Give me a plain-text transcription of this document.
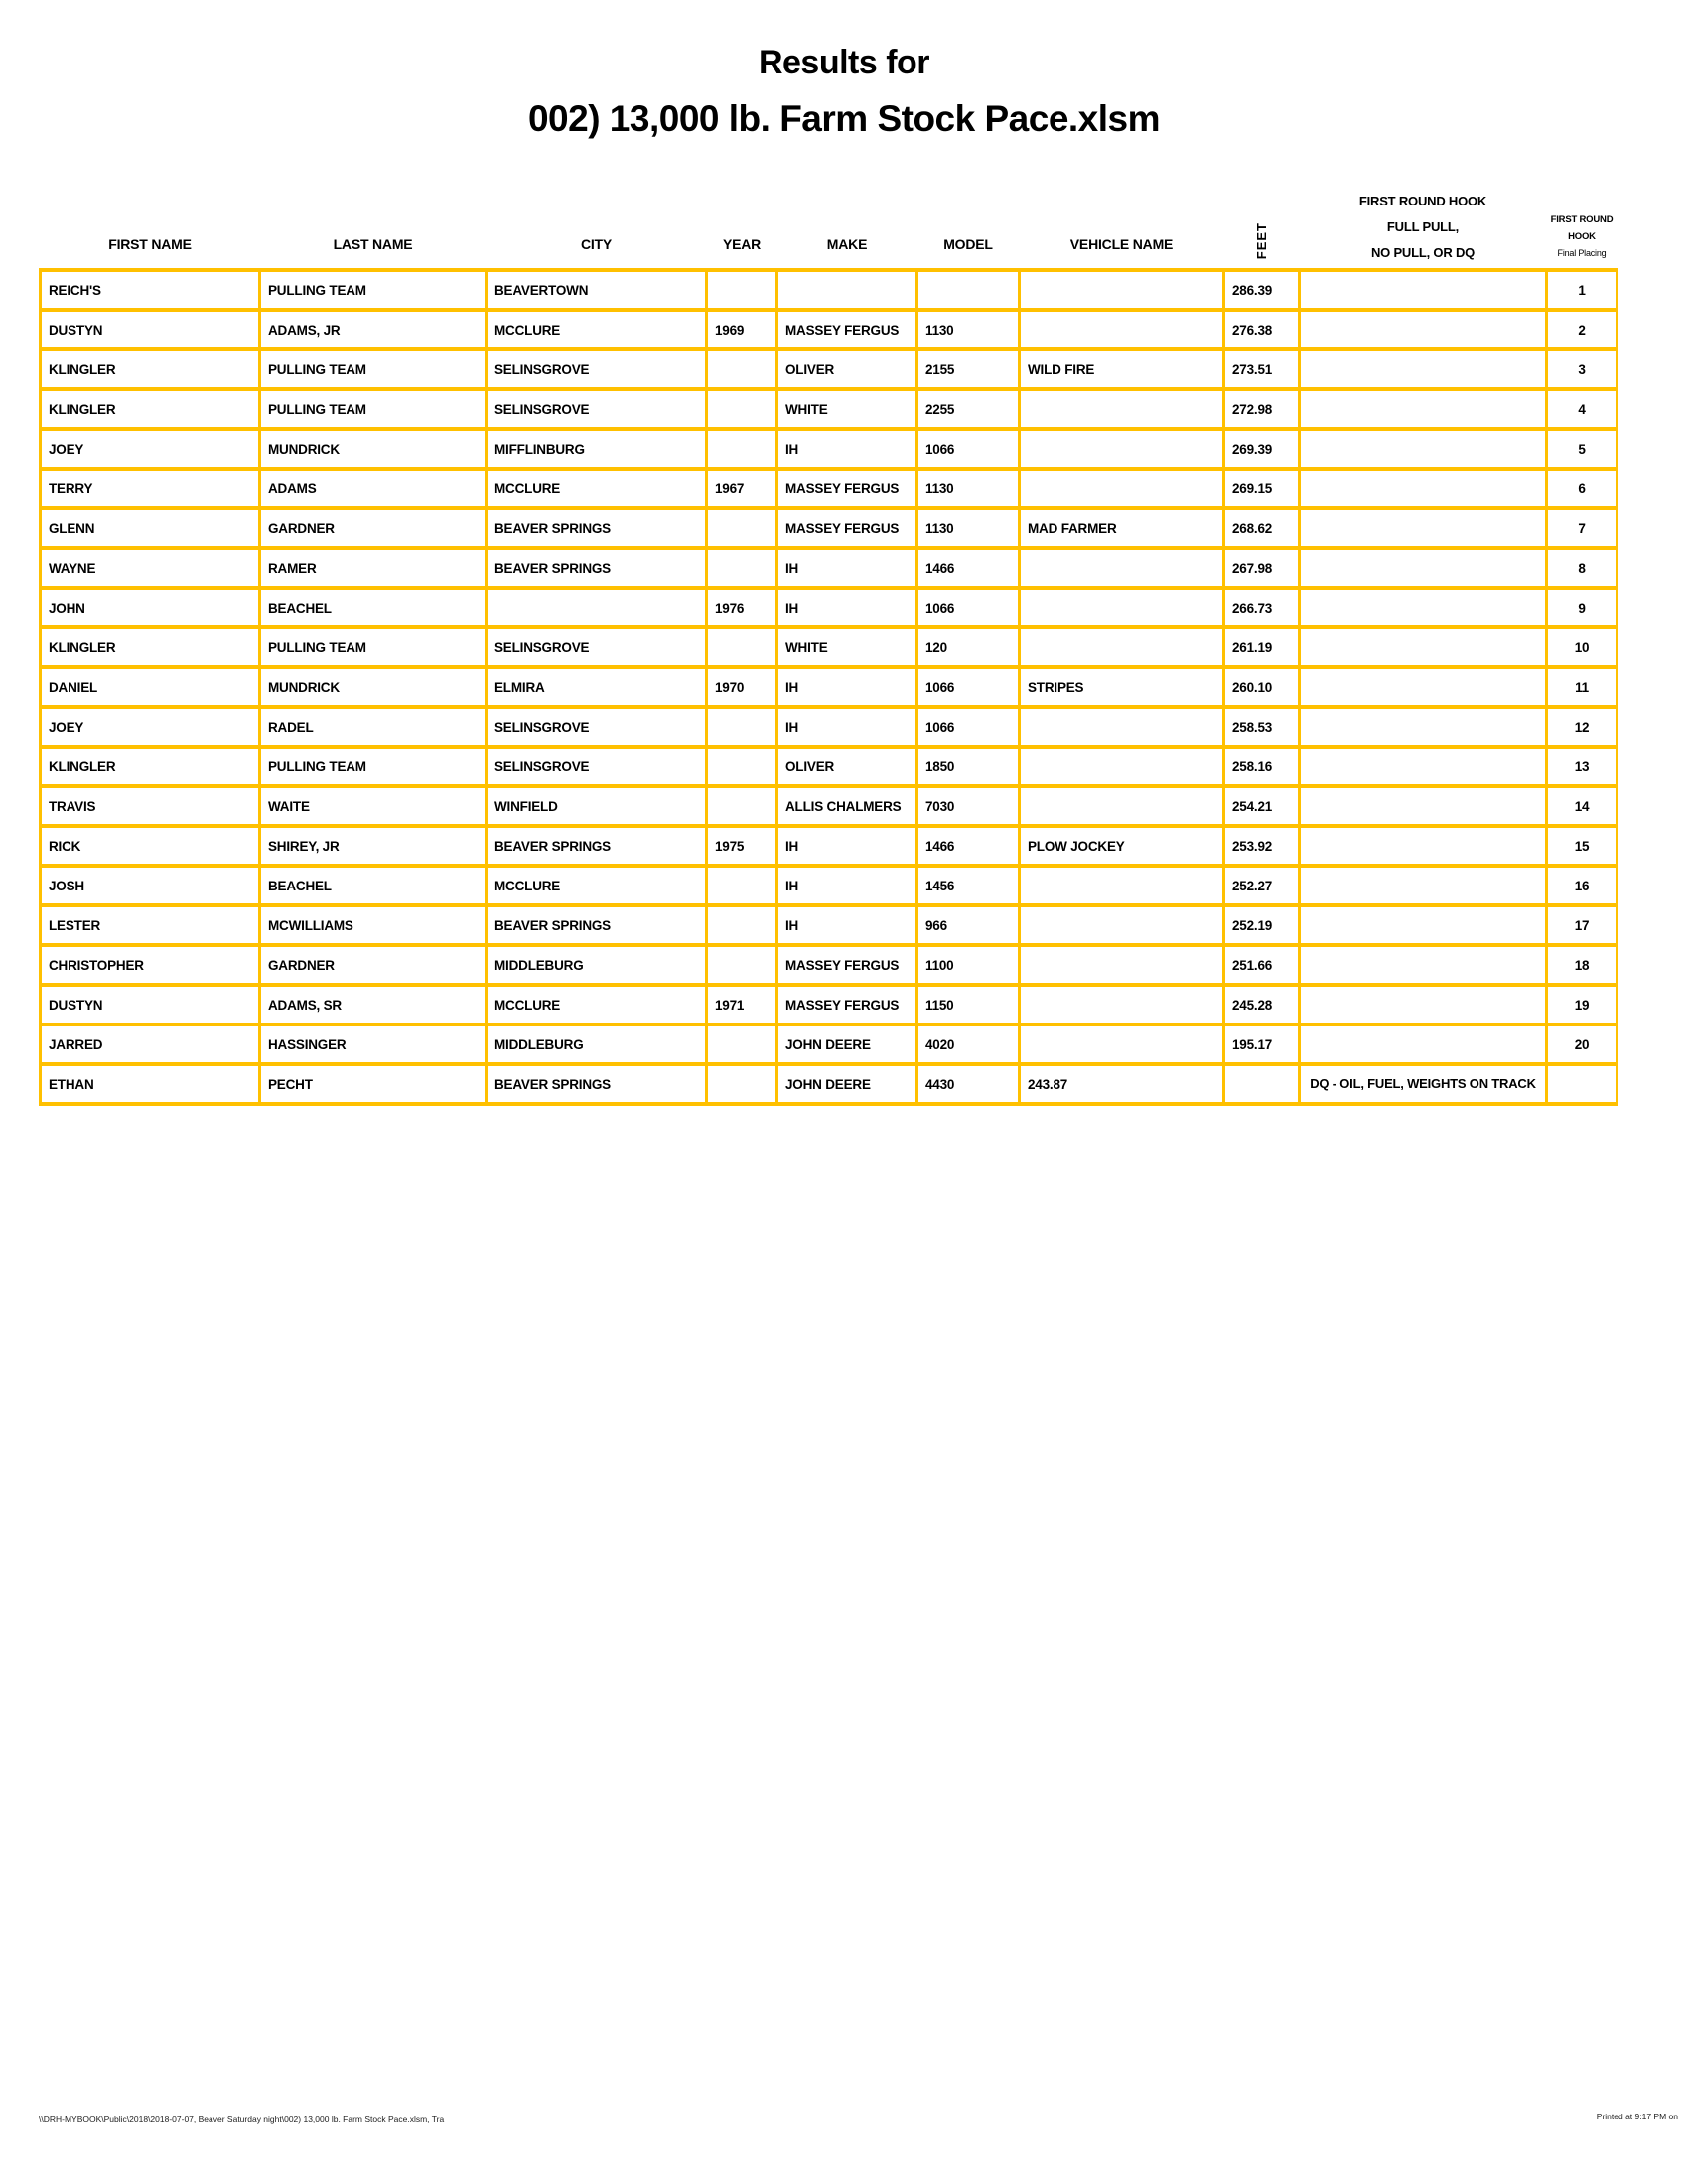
Results for
002) 13,000 lb. Farm Stock Pace.xlsm
FIRST NAME	LAST NAME	CITY	YEAR	MAKE	MODEL	VEHICLE NAME	FEET	
FIRST ROUND HOOK
FULL PULL,
NO PULL, OR DQ

FIRST ROUND
HOOK
Final Placing

REICH'S	PULLING TEAM	BEAVERTOWN					286.39		1
DUSTYN	ADAMS, JR	MCCLURE	1969	MASSEY FERGUS	1130		276.38		2
KLINGLER	PULLING TEAM	SELINSGROVE		OLIVER	2155	WILD FIRE	273.51		3
KLINGLER	PULLING TEAM	SELINSGROVE		WHITE	2255		272.98		4
JOEY	MUNDRICK	MIFFLINBURG		IH	1066		269.39		5
TERRY	ADAMS	MCCLURE	1967	MASSEY FERGUS	1130		269.15		6
GLENN	GARDNER	BEAVER SPRINGS		MASSEY FERGUS	1130	MAD FARMER	268.62		7
WAYNE	RAMER	BEAVER SPRINGS		IH	1466		267.98		8
JOHN	BEACHEL		1976	IH	1066		266.73		9
KLINGLER	PULLING TEAM	SELINSGROVE		WHITE	120		261.19		10
DANIEL	MUNDRICK	ELMIRA	1970	IH	1066	STRIPES	260.10		11
JOEY	RADEL	SELINSGROVE		IH	1066		258.53		12
KLINGLER	PULLING TEAM	SELINSGROVE		OLIVER	1850		258.16		13
TRAVIS	WAITE	WINFIELD		ALLIS CHALMERS	7030		254.21		14
RICK	SHIREY, JR	BEAVER SPRINGS	1975	IH	1466	PLOW JOCKEY	253.92		15
JOSH	BEACHEL	MCCLURE		IH	1456		252.27		16
LESTER	MCWILLIAMS	BEAVER SPRINGS		IH	966		252.19		17
CHRISTOPHER	GARDNER	MIDDLEBURG		MASSEY FERGUS	1100		251.66		18
DUSTYN	ADAMS, SR	MCCLURE	1971	MASSEY FERGUS	1150		245.28		19
JARRED	HASSINGER	MIDDLEBURG		JOHN DEERE	4020		195.17		20
ETHAN	PECHT	BEAVER SPRINGS		JOHN DEERE	4430	243.87		DQ - OIL, FUEL, WEIGHTS ON TRACK	
\\DRH-MYBOOK\Public\2018\2018-07-07, Beaver Saturday night\002) 13,000 lb. Farm Stock Pace.xlsm, Tra	Printed at 9:17 PM on
